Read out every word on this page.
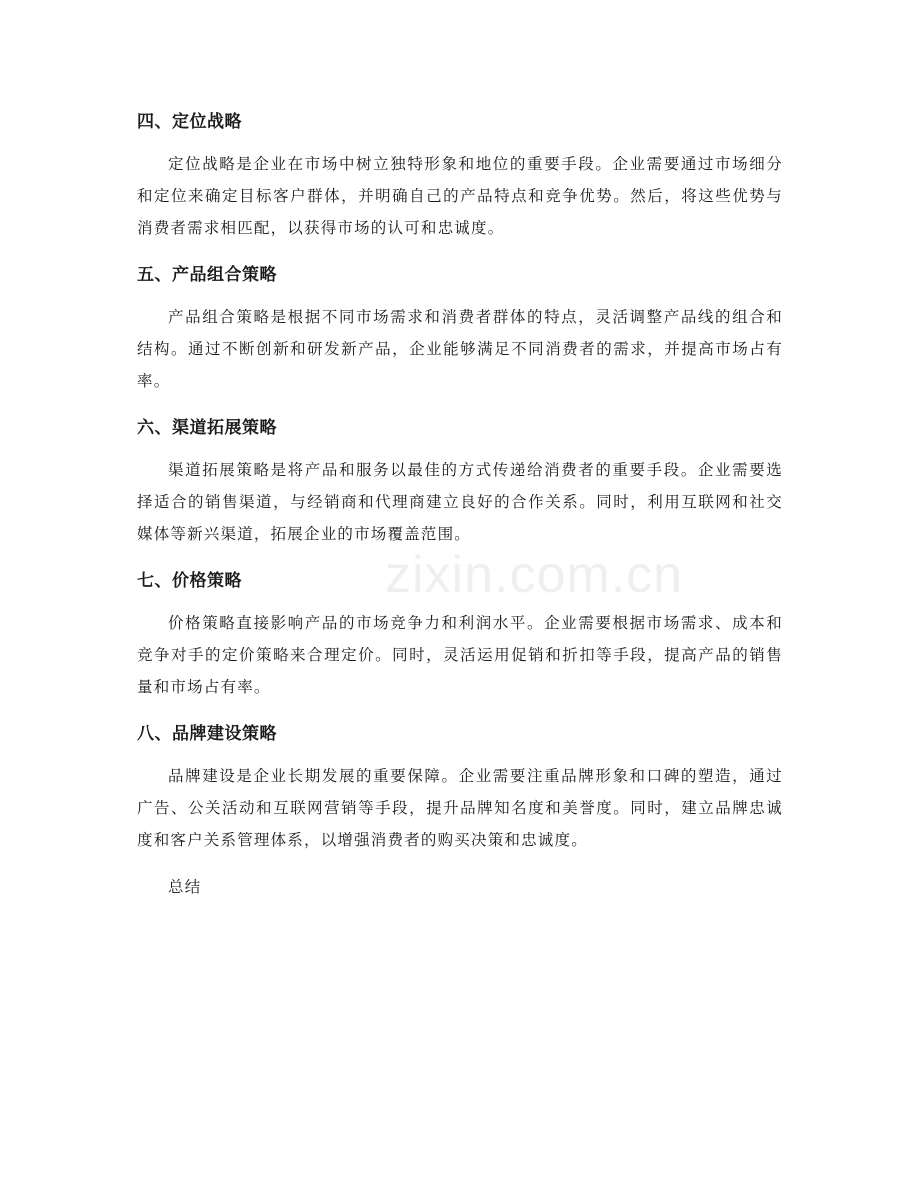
四、定位战略

定位战略是企业在市场中树立独特形象和地位的重要手段。企业需要通过市场细分和定位来确定目标客户群体，并明确自己的产品特点和竞争优势。然后，将这些优势与消费者需求相匹配，以获得市场的认可和忠诚度。

五、产品组合策略

产品组合策略是根据不同市场需求和消费者群体的特点，灵活调整产品线的组合和结构。通过不断创新和研发新产品，企业能够满足不同消费者的需求，并提高市场占有率。

六、渠道拓展策略

渠道拓展策略是将产品和服务以最佳的方式传递给消费者的重要手段。企业需要选择适合的销售渠道，与经销商和代理商建立良好的合作关系。同时，利用互联网和社交媒体等新兴渠道，拓展企业的市场覆盖范围。

七、价格策略

价格策略直接影响产品的市场竞争力和利润水平。企业需要根据市场需求、成本和竞争对手的定价策略来合理定价。同时，灵活运用促销和折扣等手段，提高产品的销售量和市场占有率。

八、品牌建设策略

品牌建设是企业长期发展的重要保障。企业需要注重品牌形象和口碑的塑造，通过广告、公关活动和互联网营销等手段，提升品牌知名度和美誉度。同时，建立品牌忠诚度和客户关系管理体系，以增强消费者的购买决策和忠诚度。

总结

zixin.com.cn
